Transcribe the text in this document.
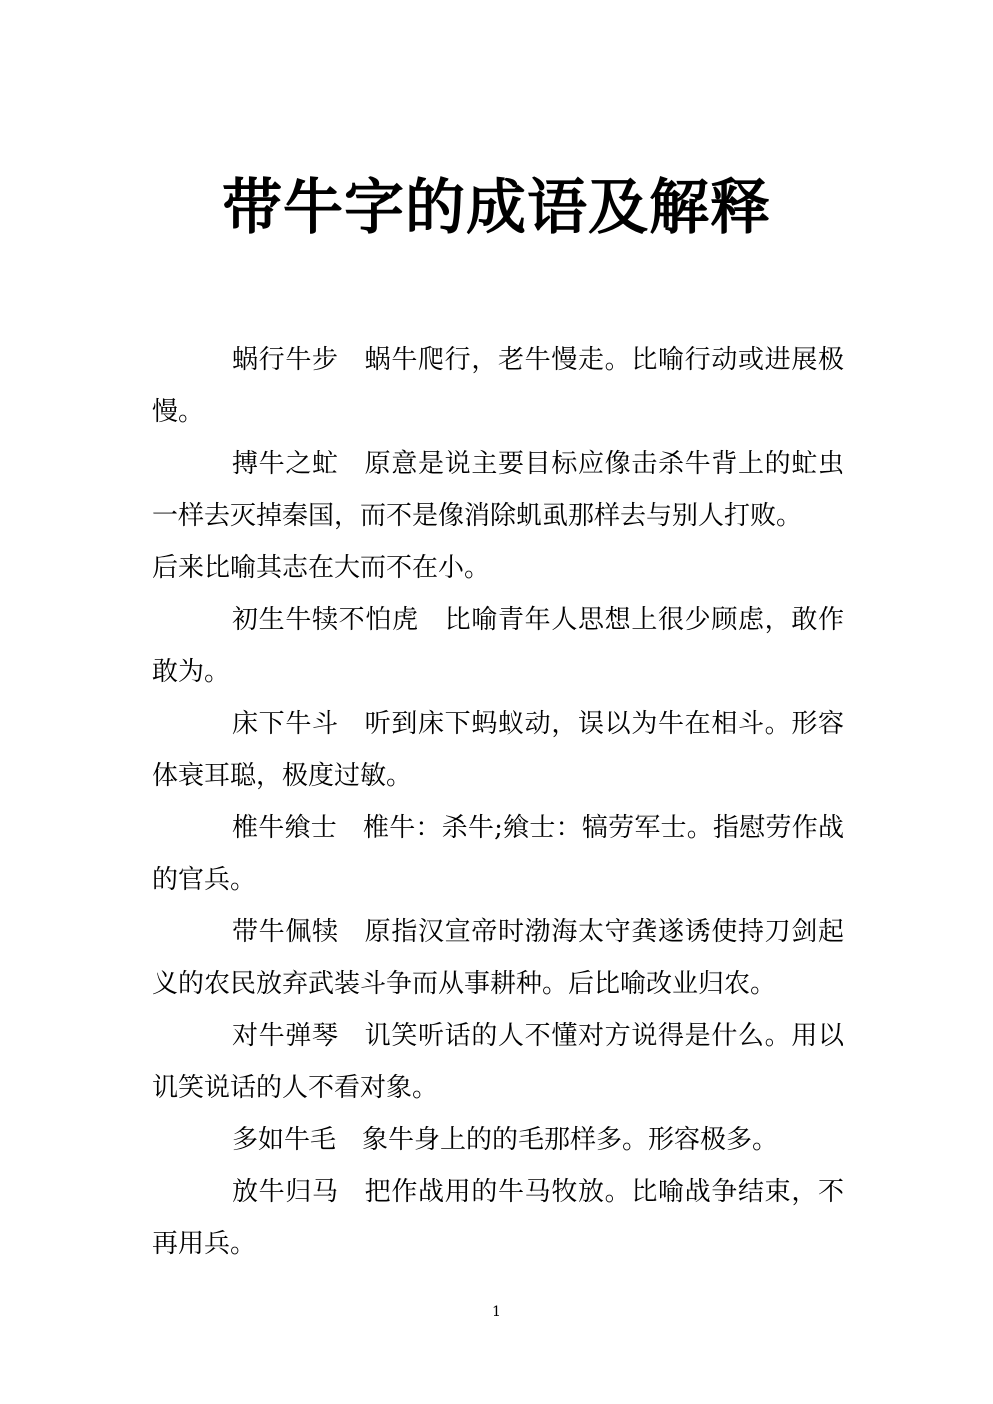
带牛字的成语及解释

蜗行牛步 蜗牛爬行，老牛慢走。比喻行动或进展极慢。

搏牛之虻 原意是说主要目标应像击杀牛背上的虻虫一样去灭掉秦国，而不是像消除虮虱那样去与别人打败。
后来比喻其志在大而不在小。

初生牛犊不怕虎 比喻青年人思想上很少顾虑，敢作敢为。

床下牛斗 听到床下蚂蚁动，误以为牛在相斗。形容体衰耳聪，极度过敏。

椎牛飨士 椎牛：杀牛;飨士：犒劳军士。指慰劳作战的官兵。

带牛佩犊 原指汉宣帝时渤海太守龚遂诱使持刀剑起义的农民放弃武装斗争而从事耕种。后比喻改业归农。

对牛弹琴 讥笑听话的人不懂对方说得是什么。用以讥笑说话的人不看对象。

多如牛毛 象牛身上的的毛那样多。形容极多。

放牛归马 把作战用的牛马牧放。比喻战争结束，不再用兵。

1
